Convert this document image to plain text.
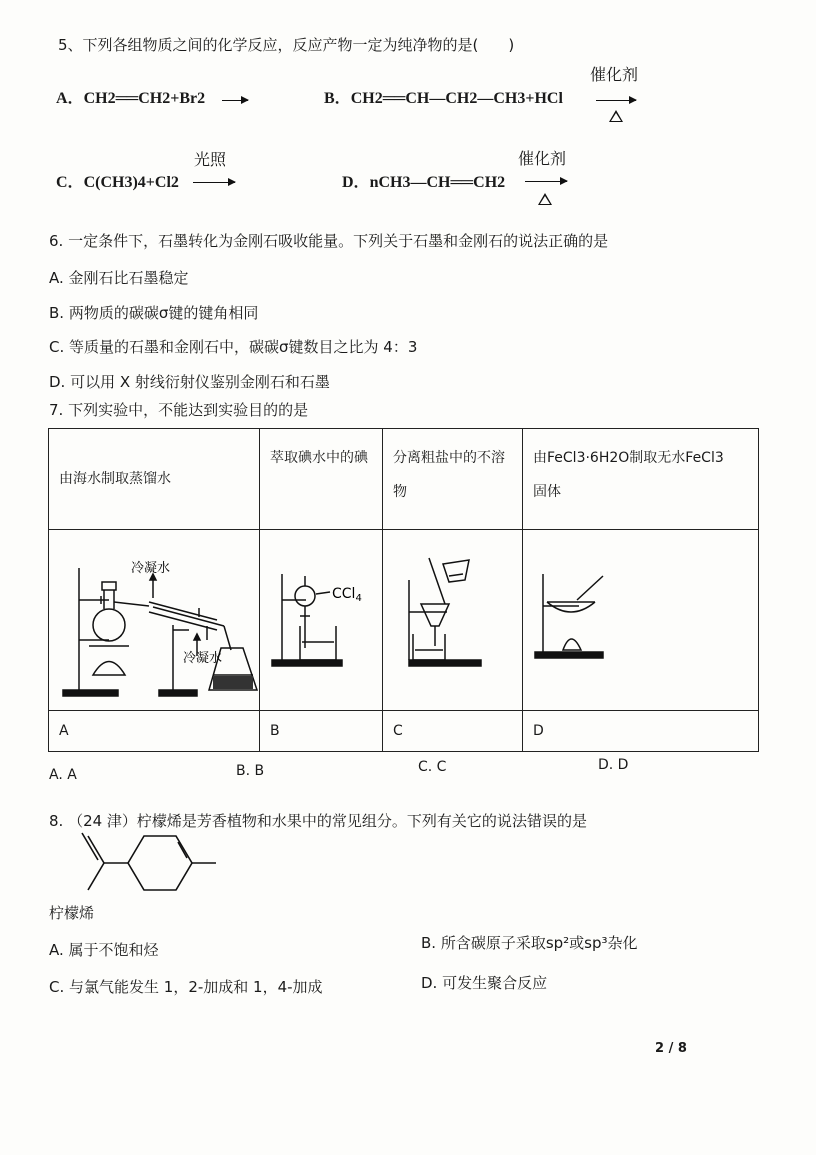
5、下列各组物质之间的化学反应，反应产物一定为纯净物的是(　　)
A．CH2══CH2+Br2 →	B．CH2══CH—CH2—CH3+HCl
催化剂
C．C(CH3)4+Cl2
光照
D．nCH3—CH══CH2
催化剂
6. 一定条件下，石墨转化为金刚石吸收能量。下列关于石墨和金刚石的说法正确的是
A. 金刚石比石墨稳定
B. 两物质的碳碳σ键的键角相同
C. 等质量的石墨和金刚石中，碳碳σ键数目之比为 4：3
D. 可以用 X 射线衍射仪鉴别金刚石和石墨
7. 下列实验中，不能达到实验目的的是
由海水制取蒸馏水	萃取碘水中的碘	分离粗盐中的不溶物	由FeCl3·6H2O制取无水FeCl3固体

冷凝水
冷凝水	CCl$_4$

A	B	C	D
A. A	B. B	C. C	D. D
8. （24 津）柠檬烯是芳香植物和水果中的常见组分。下列有关它的说法错误的是
柠檬烯
A. 属于不饱和烃	B. 所含碳原子采取sp²或sp³杂化
C. 与氯气能发生 1，2-加成和 1，4-加成	D. 可发生聚合反应
2 / 8
